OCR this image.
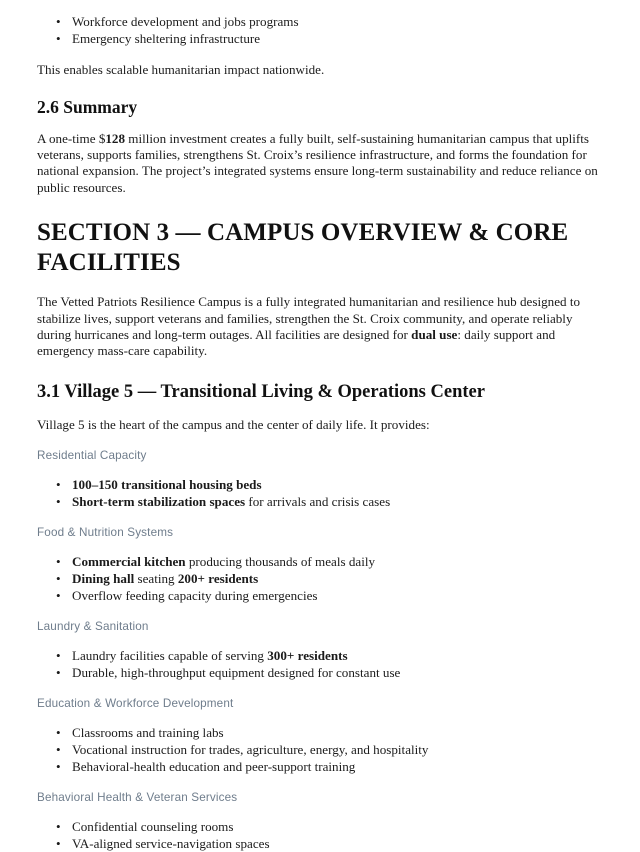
• Workforce development and jobs programs
• Emergency sheltering infrastructure

This enables scalable humanitarian impact nationwide.

2.6 Summary

A one-time $128 million investment creates a fully built, self-sustaining humanitarian campus that uplifts veterans, supports families, strengthens St. Croix’s resilience infrastructure, and forms the foundation for national expansion. The project’s integrated systems ensure long-term sustainability and reduce reliance on public resources.

SECTION 3 — CAMPUS OVERVIEW & CORE FACILITIES

The Vetted Patriots Resilience Campus is a fully integrated humanitarian and resilience hub designed to stabilize lives, support veterans and families, strengthen the St. Croix community, and operate reliably during hurricanes and long-term outages. All facilities are designed for dual use: daily support and emergency mass-care capability.

3.1 Village 5 — Transitional Living & Operations Center

Village 5 is the heart of the campus and the center of daily life. It provides:

Residential Capacity

• 100–150 transitional housing beds
• Short-term stabilization spaces for arrivals and crisis cases

Food & Nutrition Systems

• Commercial kitchen producing thousands of meals daily
• Dining hall seating 200+ residents
• Overflow feeding capacity during emergencies

Laundry & Sanitation

• Laundry facilities capable of serving 300+ residents
• Durable, high-throughput equipment designed for constant use

Education & Workforce Development

• Classrooms and training labs
• Vocational instruction for trades, agriculture, energy, and hospitality
• Behavioral-health education and peer-support training

Behavioral Health & Veteran Services

• Confidential counseling rooms
• VA-aligned service-navigation spaces
